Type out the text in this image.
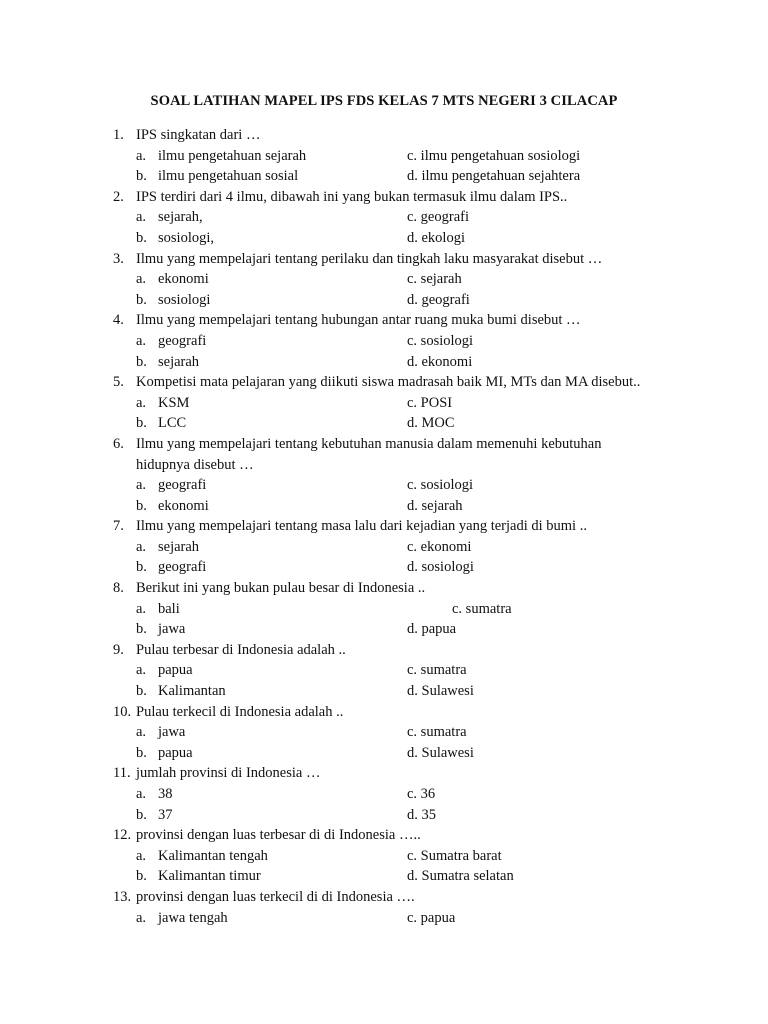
SOAL LATIHAN MAPEL IPS FDS KELAS 7 MTS NEGERI 3 CILACAP
1. IPS singkatan dari …
a. ilmu pengetahuan sejarah	c. ilmu pengetahuan sosiologi
b. ilmu pengetahuan sosial	d. ilmu pengetahuan sejahtera
2. IPS terdiri dari 4 ilmu, dibawah ini yang bukan termasuk ilmu dalam IPS..
a. sejarah,	c. geografi
b. sosiologi,	d. ekologi
3. Ilmu yang mempelajari tentang perilaku dan tingkah laku masyarakat disebut …
a. ekonomi	c. sejarah
b. sosiologi	d. geografi
4. Ilmu yang mempelajari tentang hubungan antar ruang muka bumi disebut …
a. geografi	c. sosiologi
b. sejarah	d. ekonomi
5. Kompetisi mata pelajaran yang diikuti siswa madrasah baik MI, MTs dan MA disebut..
a. KSM	c. POSI
b. LCC	d. MOC
6. Ilmu yang mempelajari tentang kebutuhan manusia dalam memenuhi kebutuhan
hidupnya disebut …
a. geografi	c. sosiologi
b. ekonomi	d. sejarah
7. Ilmu yang mempelajari tentang masa lalu dari kejadian yang terjadi di bumi ..
a. sejarah	c. ekonomi
b. geografi	d. sosiologi
8. Berikut ini yang bukan pulau besar di Indonesia ..
a. bali	c. sumatra
b. jawa	d. papua
9. Pulau terbesar di Indonesia adalah ..
a. papua	c. sumatra
b. Kalimantan	d. Sulawesi
10. Pulau terkecil di Indonesia adalah ..
a. jawa	c. sumatra
b. papua	d. Sulawesi
11. jumlah provinsi di Indonesia …
a. 38	c. 36
b. 37	d. 35
12. provinsi dengan luas terbesar di di Indonesia …..
a. Kalimantan tengah	c. Sumatra barat
b. Kalimantan timur	d. Sumatra selatan
13. provinsi dengan luas terkecil di di Indonesia ….
a. jawa tengah	c. papua
